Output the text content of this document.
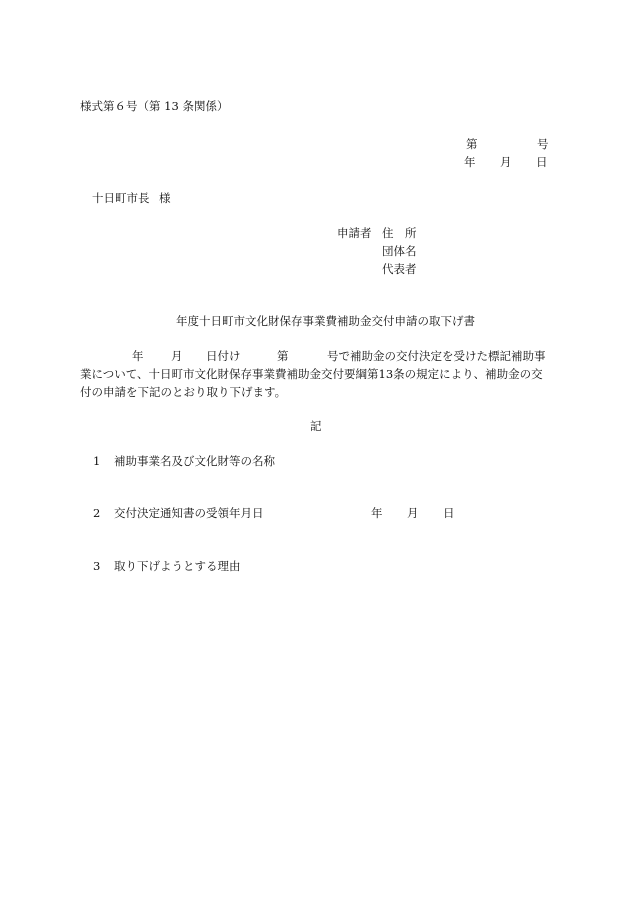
様式第６号（第 13 条関係）
第	号
年 月 日
十日町市長 様
申請者 住　所
団体名
代表者
年度十日町市文化財保存事業費補助金交付申請の取下げ書
年 月 日付け	第	号で補助金の交付決定を受けた標記補助事
業について、十日町市文化財保存事業費補助金交付要綱第13条の規定により、補助金の交
付の申請を下記のとおり取り下げます。
記
1 補助事業名及び文化財等の名称
2 交付決定通知書の受領年月日	年 月 日
3 取り下げようとする理由
